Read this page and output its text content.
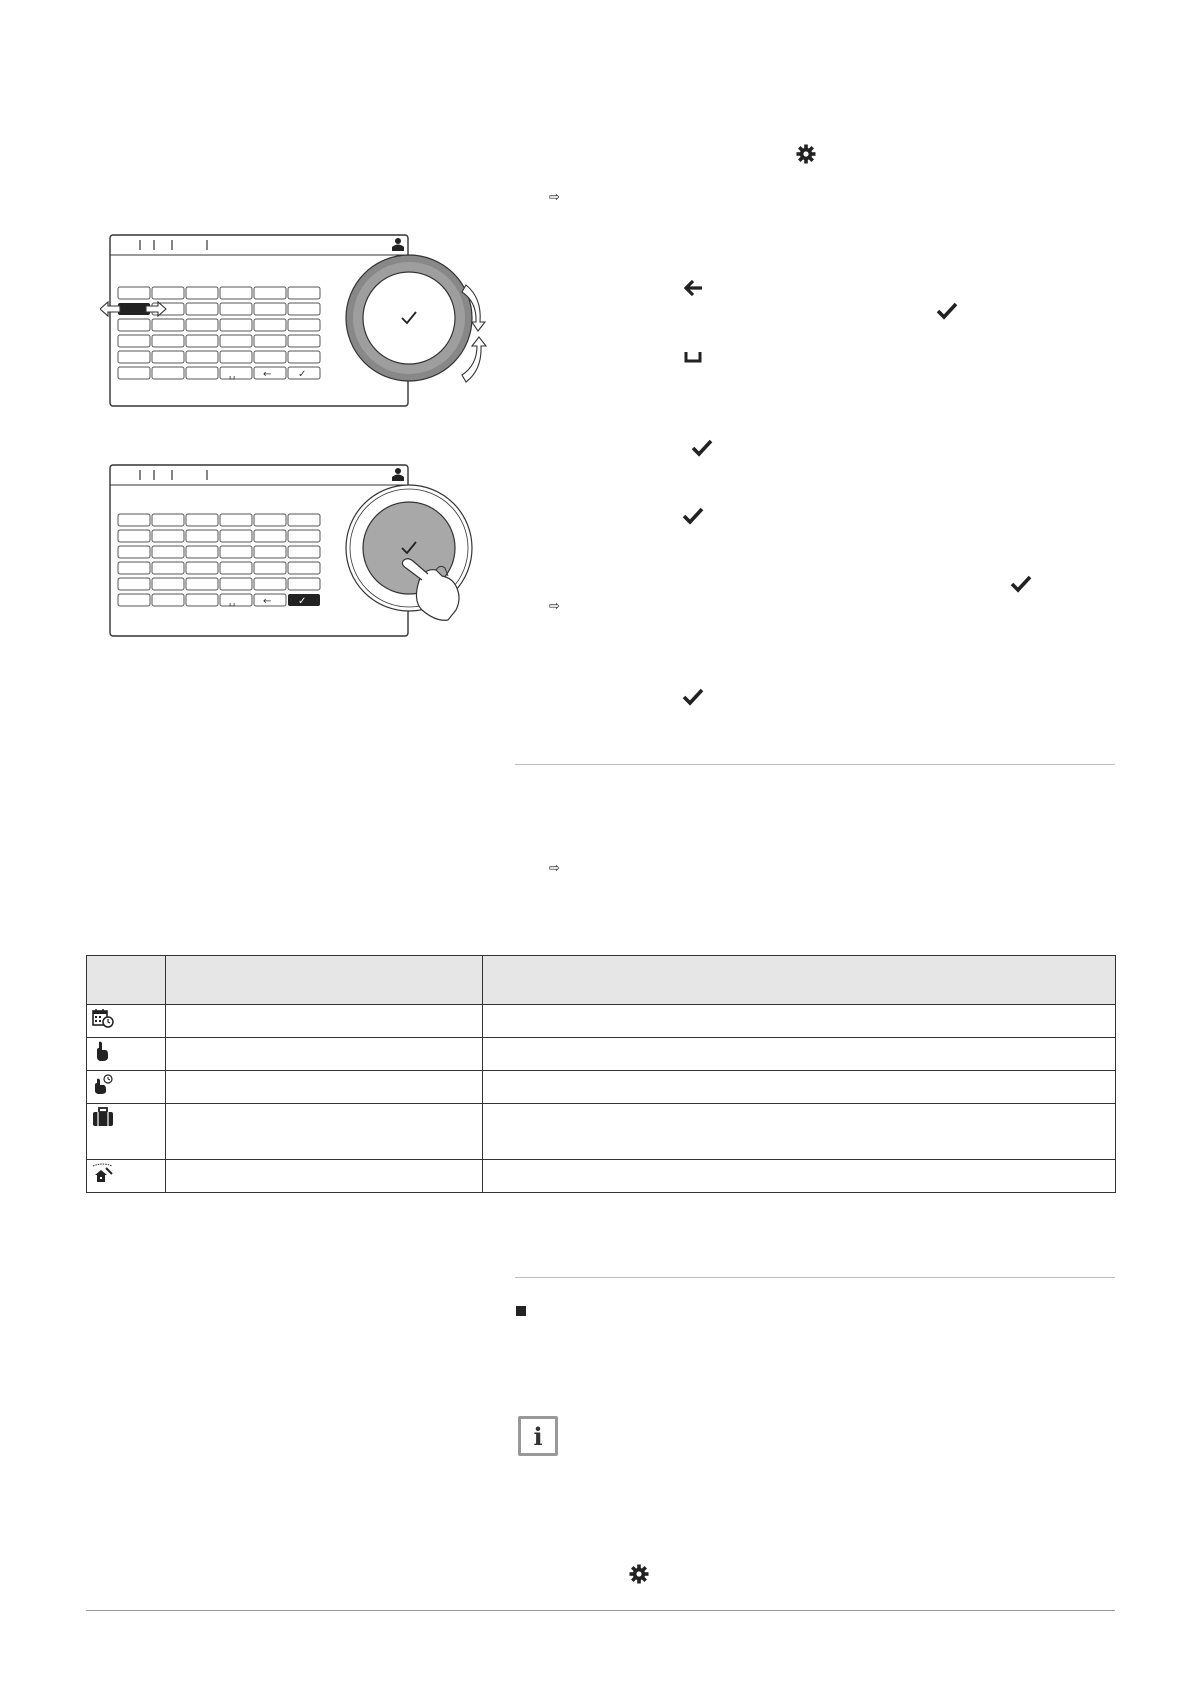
⇨
⇨
⇨
␣	←	✓
␣	←	✓

i
